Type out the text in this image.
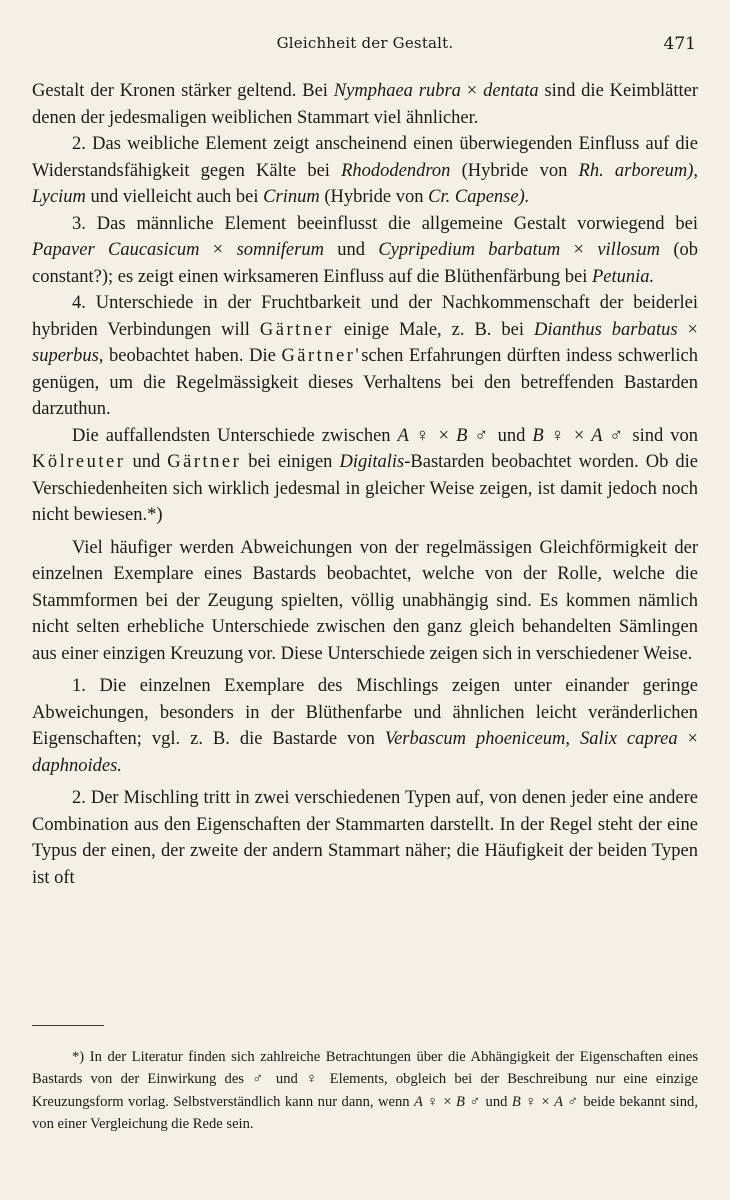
Gleichheit der Gestalt.	471

Gestalt der Kronen stärker geltend. Bei Nymphaea rubra × dentata sind die Keimblätter denen der jedesmaligen weiblichen Stammart viel ähnlicher.

2. Das weibliche Element zeigt anscheinend einen überwiegenden Einfluss auf die Widerstandsfähigkeit gegen Kälte bei Rhododendron (Hybride von Rh. arboreum), Lycium und vielleicht auch bei Crinum (Hybride von Cr. Capense).

3. Das männliche Element beeinflusst die allgemeine Gestalt vorwiegend bei Papaver Caucasicum × somniferum und Cypripedium barbatum × villosum (ob constant?); es zeigt einen wirksameren Einfluss auf die Blüthenfärbung bei Petunia.

4. Unterschiede in der Fruchtbarkeit und der Nachkommenschaft der beiderlei hybriden Verbindungen will Gärtner einige Male, z. B. bei Dianthus barbatus × superbus, beobachtet haben. Die Gärtner'schen Erfahrungen dürften indess schwerlich genügen, um die Regelmässigkeit dieses Verhaltens bei den betreffenden Bastarden darzuthun.

Die auffallendsten Unterschiede zwischen A ♀ × B ♂ und B ♀ × A ♂ sind von Kölreuter und Gärtner bei einigen Digitalis-Bastarden beobachtet worden. Ob die Verschiedenheiten sich wirklich jedesmal in gleicher Weise zeigen, ist damit jedoch noch nicht bewiesen.*)

Viel häufiger werden Abweichungen von der regelmässigen Gleichförmigkeit der einzelnen Exemplare eines Bastards beobachtet, welche von der Rolle, welche die Stammformen bei der Zeugung spielten, völlig unabhängig sind. Es kommen nämlich nicht selten erhebliche Unterschiede zwischen den ganz gleich behandelten Sämlingen aus einer einzigen Kreuzung vor. Diese Unterschiede zeigen sich in verschiedener Weise.

1. Die einzelnen Exemplare des Mischlings zeigen unter einander geringe Abweichungen, besonders in der Blüthenfarbe und ähnlichen leicht veränderlichen Eigenschaften; vgl. z. B. die Bastarde von Verbascum phoeniceum, Salix caprea × daphnoides.

2. Der Mischling tritt in zwei verschiedenen Typen auf, von denen jeder eine andere Combination aus den Eigenschaften der Stammarten darstellt. In der Regel steht der eine Typus der einen, der zweite der andern Stammart näher; die Häufigkeit der beiden Typen ist oft

*) In der Literatur finden sich zahlreiche Betrachtungen über die Abhängigkeit der Eigenschaften eines Bastards von der Einwirkung des ♂ und ♀ Elements, obgleich bei der Beschreibung nur eine einzige Kreuzungsform vorlag. Selbstverständlich kann nur dann, wenn A ♀ × B ♂ und B ♀ × A ♂ beide bekannt sind, von einer Vergleichung die Rede sein.
